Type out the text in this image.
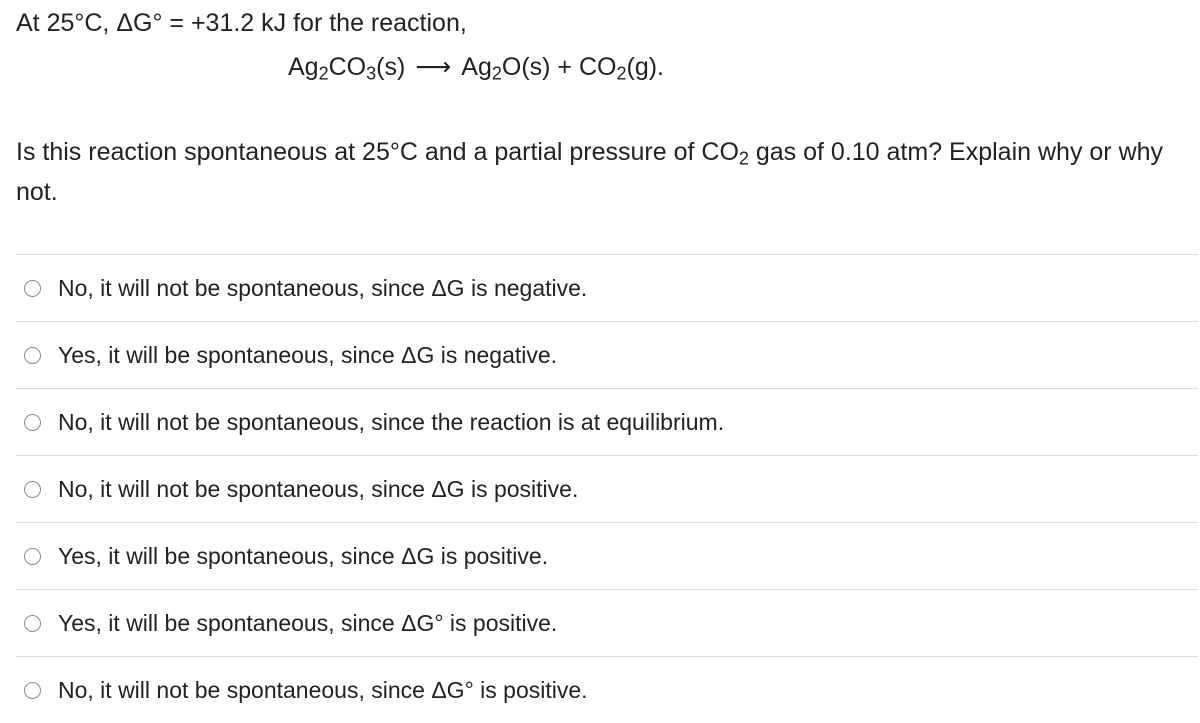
At 25°C, ΔG° = +31.2 kJ for the reaction,
$Ag_2CO_3(s)$ ⟶ $Ag_2O(s) + CO_2(g)$.
Is this reaction spontaneous at 25°C and a partial pressure of $CO_2$ gas of 0.10 atm? Explain why or why not.
No, it will not be spontaneous, since ΔG is negative.
Yes, it will be spontaneous, since ΔG is negative.
No, it will not be spontaneous, since the reaction is at equilibrium.
No, it will not be spontaneous, since ΔG is positive.
Yes, it will be spontaneous, since ΔG is positive.
Yes, it will be spontaneous, since ΔG° is positive.
No, it will not be spontaneous, since ΔG° is positive.
